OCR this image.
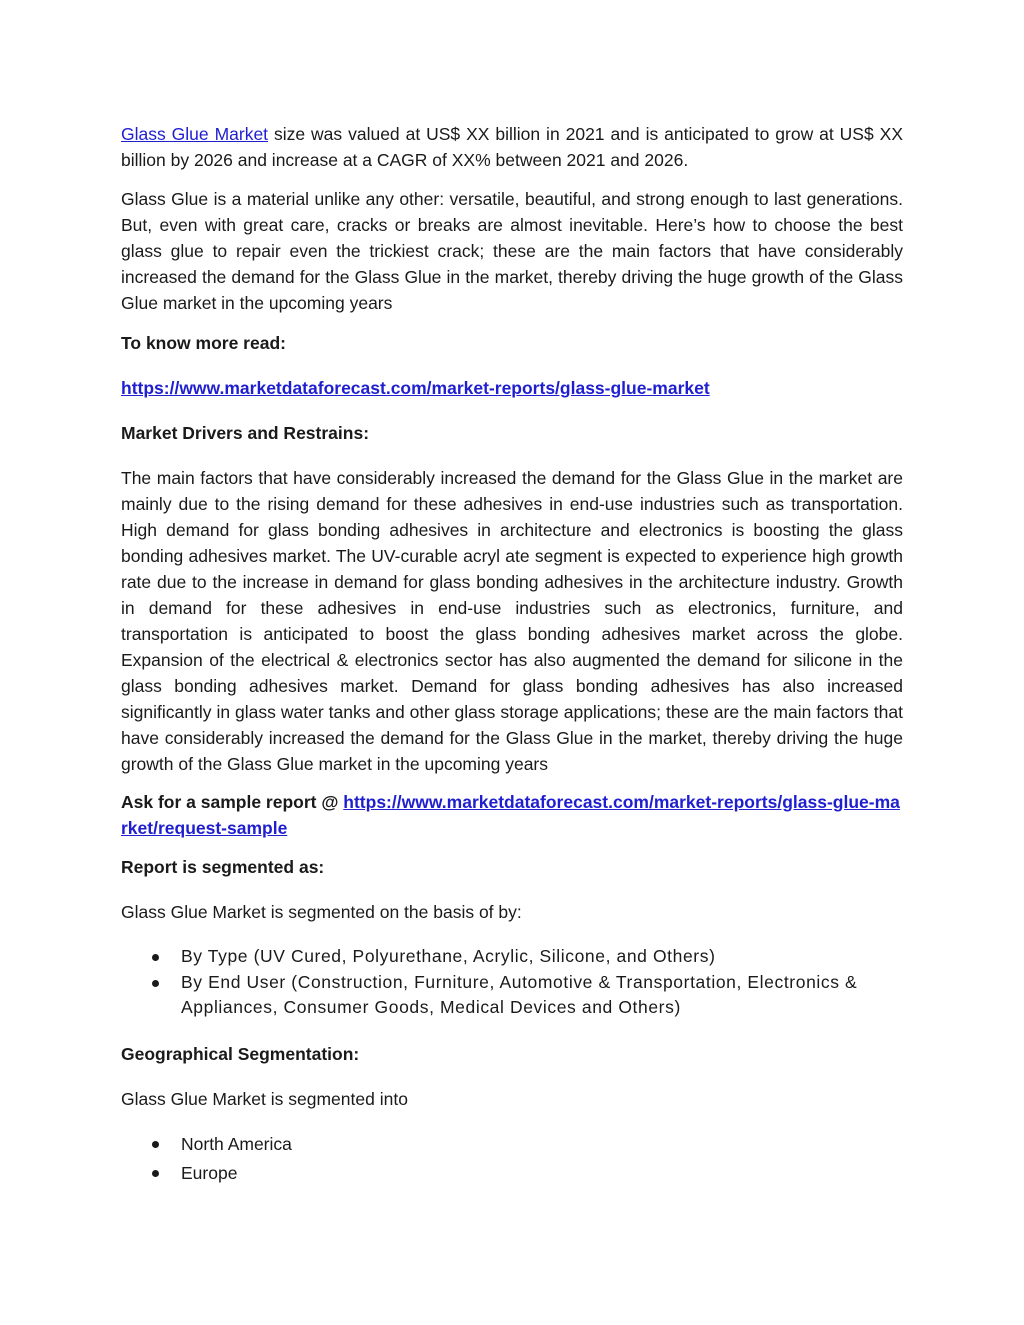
Glass Glue Market size was valued at US$ XX billion in 2021 and is anticipated to grow at US$ XX billion by 2026 and increase at a CAGR of XX% between 2021 and 2026.

Glass Glue is a material unlike any other: versatile, beautiful, and strong enough to last generations. But, even with great care, cracks or breaks are almost inevitable. Here’s how to choose the best glass glue to repair even the trickiest crack; these are the main factors that have considerably increased the demand for the Glass Glue in the market, thereby driving the huge growth of the Glass Glue market in the upcoming years

To know more read:

https://www.marketdataforecast.com/market-reports/glass-glue-market

Market Drivers and Restrains:

The main factors that have considerably increased the demand for the Glass Glue in the market are mainly due to the rising demand for these adhesives in end-use industries such as transportation. High demand for glass bonding adhesives in architecture and electronics is boosting the glass bonding adhesives market. The UV-curable acryl ate segment is expected to experience high growth rate due to the increase in demand for glass bonding adhesives in the architecture industry. Growth in demand for these adhesives in end-use industries such as electronics, furniture, and transportation is anticipated to boost the glass bonding adhesives market across the globe. Expansion of the electrical & electronics sector has also augmented the demand for silicone in the glass bonding adhesives market. Demand for glass bonding adhesives has also increased significantly in glass water tanks and other glass storage applications; these are the main factors that have considerably increased the demand for the Glass Glue in the market, thereby driving the huge growth of the Glass Glue market in the upcoming years

Ask for a sample report @ https://www.marketdataforecast.com/market-reports/glass-glue-market/request-sample

Report is segmented as:

Glass Glue Market is segmented on the basis of by:

By Type (UV Cured, Polyurethane, Acrylic, Silicone, and Others)
By End User (Construction, Furniture, Automotive & Transportation, Electronics & Appliances, Consumer Goods, Medical Devices and Others)

Geographical Segmentation:

Glass Glue Market is segmented into

North America
Europe
